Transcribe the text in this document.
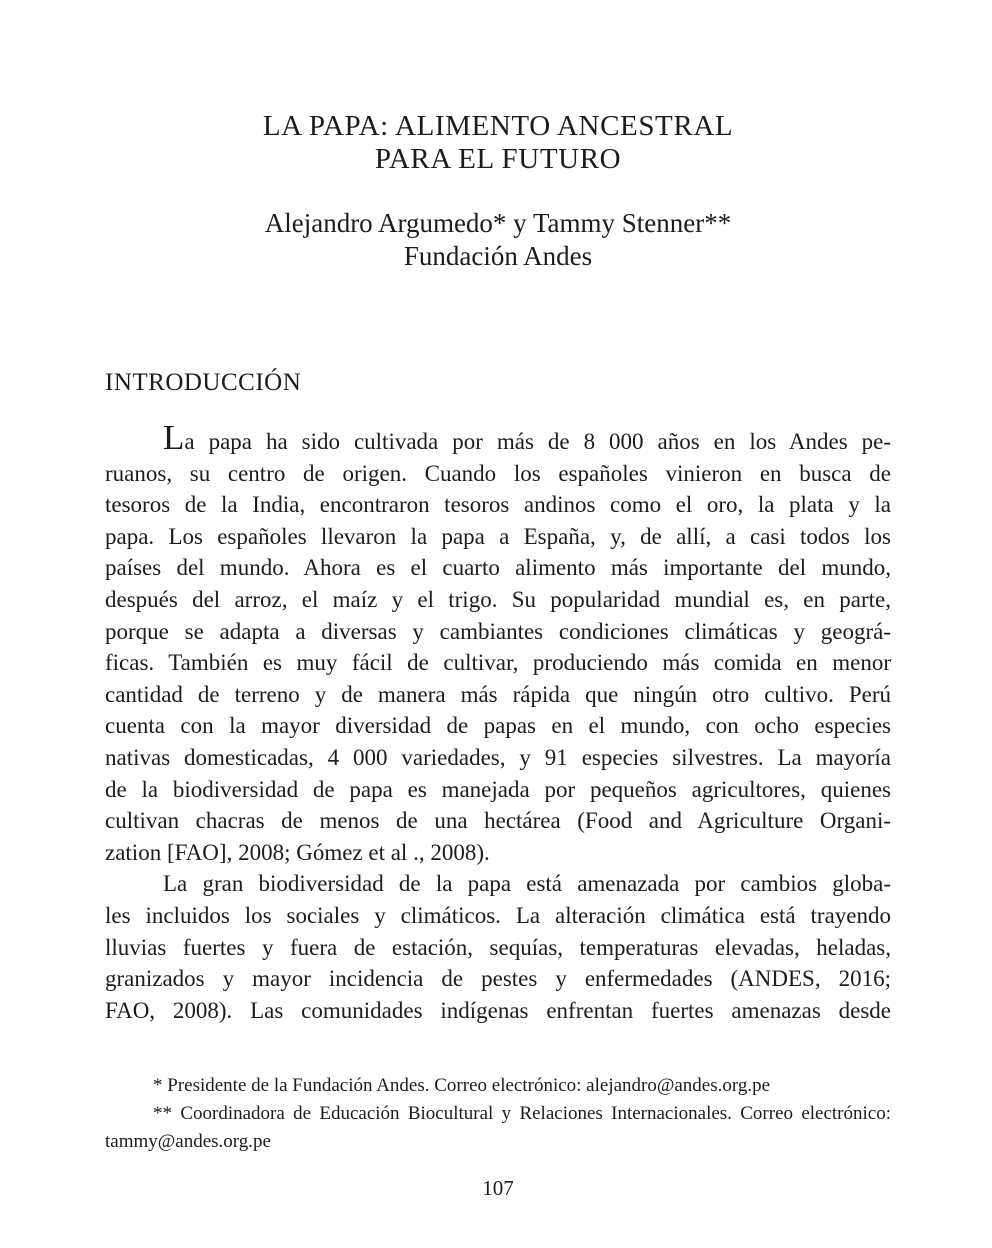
LA PAPA: ALIMENTO ANCESTRAL
PARA EL FUTURO
Alejandro Argumedo* y Tammy Stenner**
Fundación Andes
INTRODUCCIÓN
La papa ha sido cultivada por más de 8 000 años en los Andes pe-
ruanos, su centro de origen. Cuando los españoles vinieron en busca de
tesoros de la India, encontraron tesoros andinos como el oro, la plata y la
papa. Los españoles llevaron la papa a España, y, de allí, a casi todos los
países del mundo. Ahora es el cuarto alimento más importante del mundo,
después del arroz, el maíz y el trigo. Su popularidad mundial es, en parte,
porque se adapta a diversas y cambiantes condiciones climáticas y geográ-
ficas. También es muy fácil de cultivar, produciendo más comida en menor
cantidad de terreno y de manera más rápida que ningún otro cultivo. Perú
cuenta con la mayor diversidad de papas en el mundo, con ocho especies
nativas domesticadas, 4 000 variedades, y 91 especies silvestres. La mayoría
de la biodiversidad de papa es manejada por pequeños agricultores, quienes
cultivan chacras de menos de una hectárea (Food and Agriculture Organi-
zation [FAO], 2008; Gómez et al ., 2008).
La gran biodiversidad de la papa está amenazada por cambios globa-
les incluidos los sociales y climáticos. La alteración climática está trayendo
lluvias fuertes y fuera de estación, sequías, temperaturas elevadas, heladas,
granizados y mayor incidencia de pestes y enfermedades (ANDES, 2016;
FAO, 2008). Las comunidades indígenas enfrentan fuertes amenazas desde
* Presidente de la Fundación Andes. Correo electrónico: alejandro@andes.org.pe
** Coordinadora de Educación Biocultural y Relaciones Internacionales. Correo electrónico:
tammy@andes.org.pe
107
